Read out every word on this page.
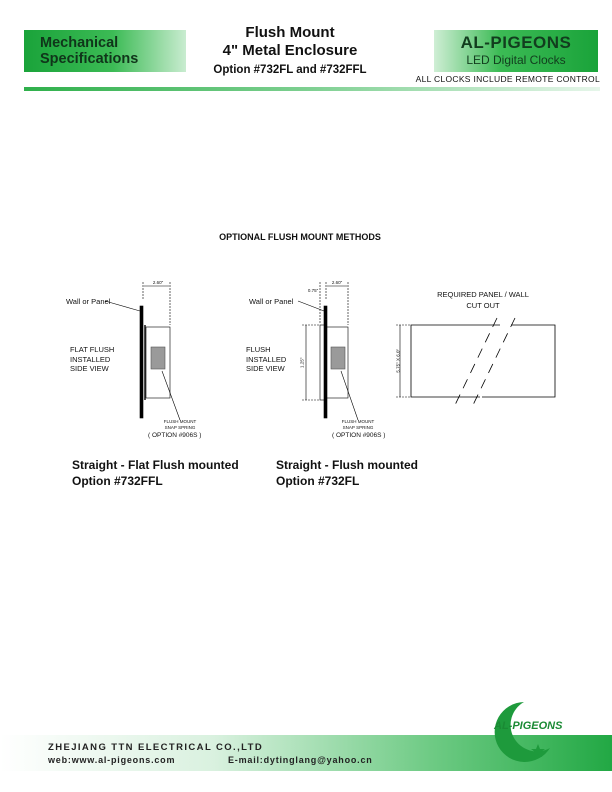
Mechanical
Specifications
Flush Mount
4" Metal Enclosure
Option #732FL and #732FFL
AL-PIGEONS
LED Digital Clocks
ALL CLOCKS INCLUDE REMOTE CONTROL
OPTIONAL FLUSH MOUNT METHODS
Wall or Panel
FLAT FLUSH
INSTALLED
SIDE VIEW
2.60"
FLUSH MOUNT
SNAP SPRING
( OPTION #906S )
Straight - Flat Flush mounted
Option #732FFL
Wall or Panel
FLUSH
INSTALLED
SIDE VIEW
0.75"
2.60"
1.25"
FLUSH MOUNT
SNAP SPRING
( OPTION #906S )
Straight - Flush mounted
Option #732FL
REQUIRED PANEL / WALL
CUT OUT
5.75" X 6.0"
ZHEJIANG TTN ELECTRICAL CO.,LTD
web:www.al-pigeons.com	E-mail:dytinglang@yahoo.cn
AL-PIGEONS
